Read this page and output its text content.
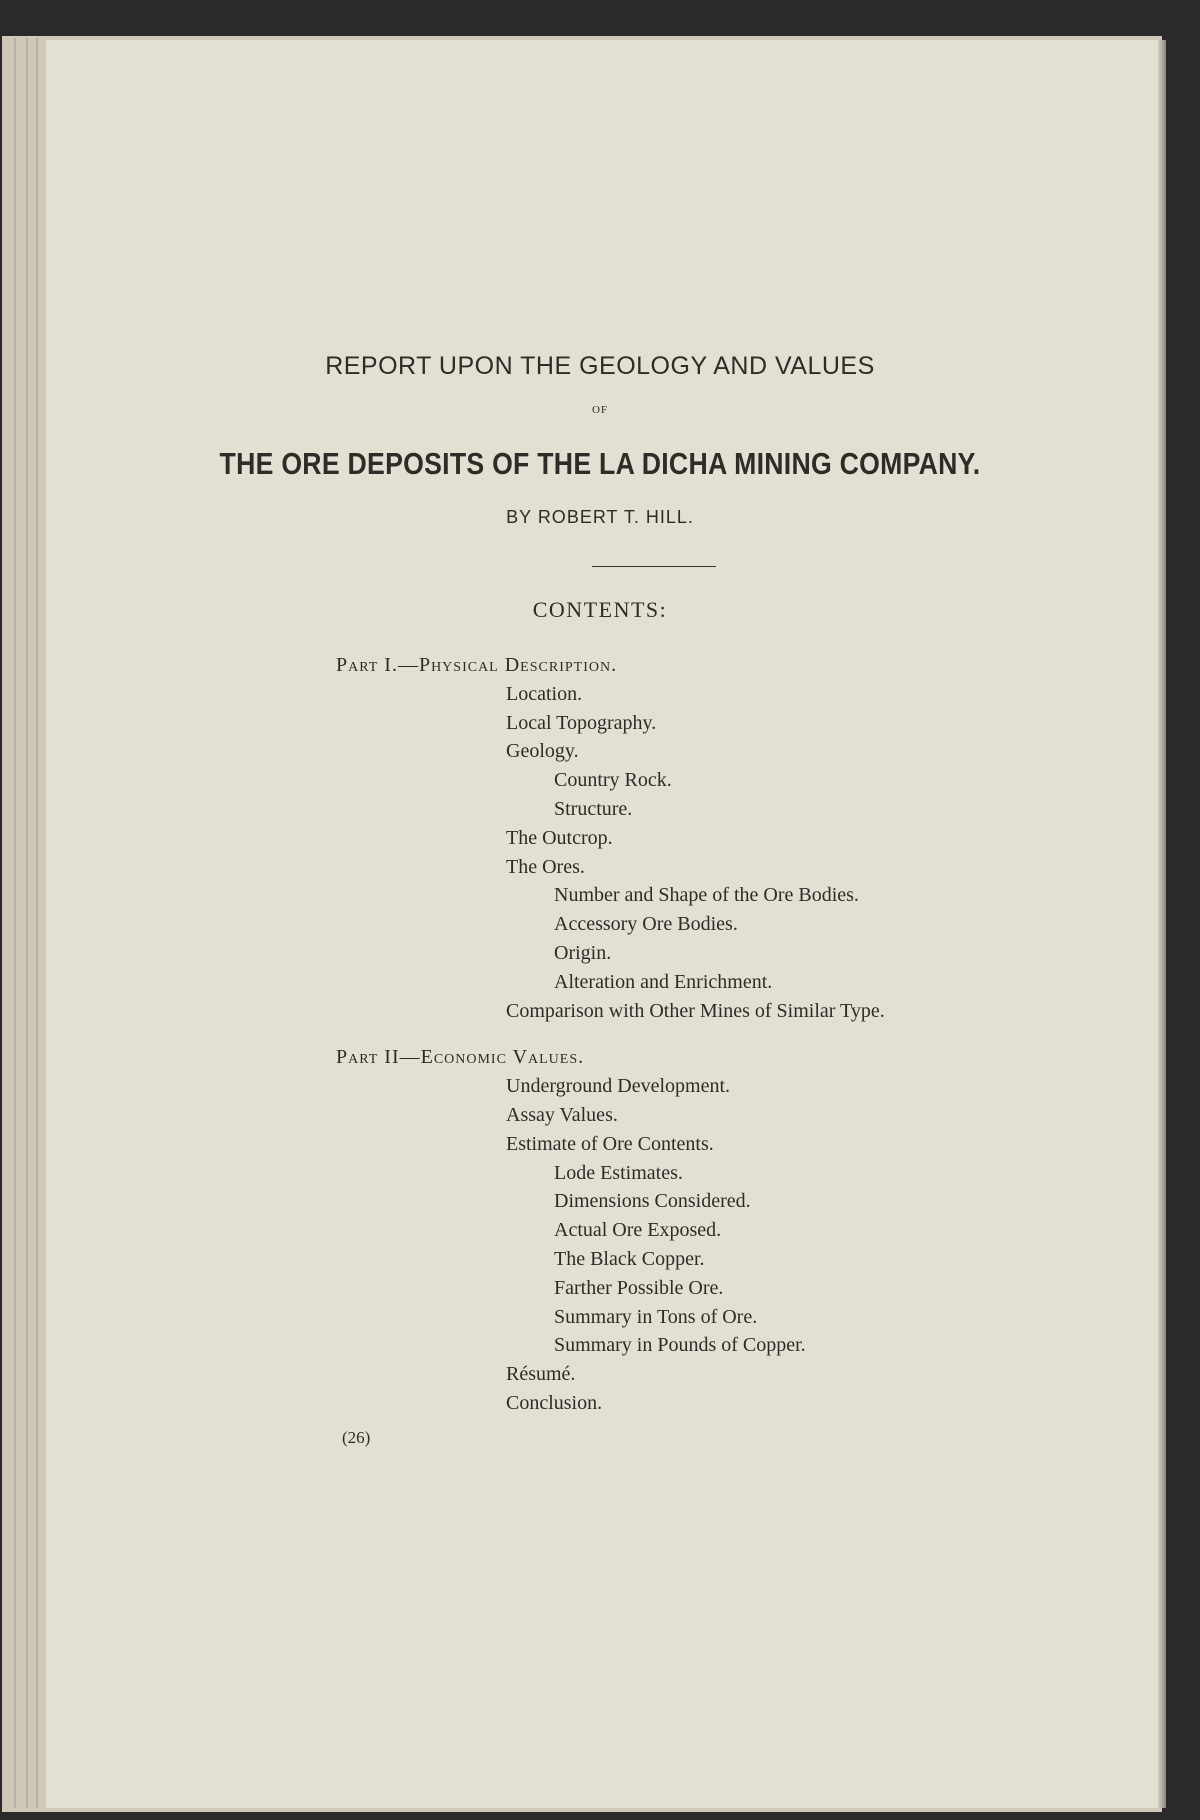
REPORT UPON THE GEOLOGY AND VALUES
OF
THE ORE DEPOSITS OF THE LA DICHA MINING COMPANY.
BY ROBERT T. HILL.
CONTENTS:
Part I.—Physical Description.
Location.
Local Topography.
Geology.
Country Rock.
Structure.
The Outcrop.
The Ores.
Number and Shape of the Ore Bodies.
Accessory Ore Bodies.
Origin.
Alteration and Enrichment.
Comparison with Other Mines of Similar Type.
Part II—Economic Values.
Underground Development.
Assay Values.
Estimate of Ore Contents.
Lode Estimates.
Dimensions Considered.
Actual Ore Exposed.
The Black Copper.
Farther Possible Ore.
Summary in Tons of Ore.
Summary in Pounds of Copper.
Résumé.
Conclusion.
(26)
